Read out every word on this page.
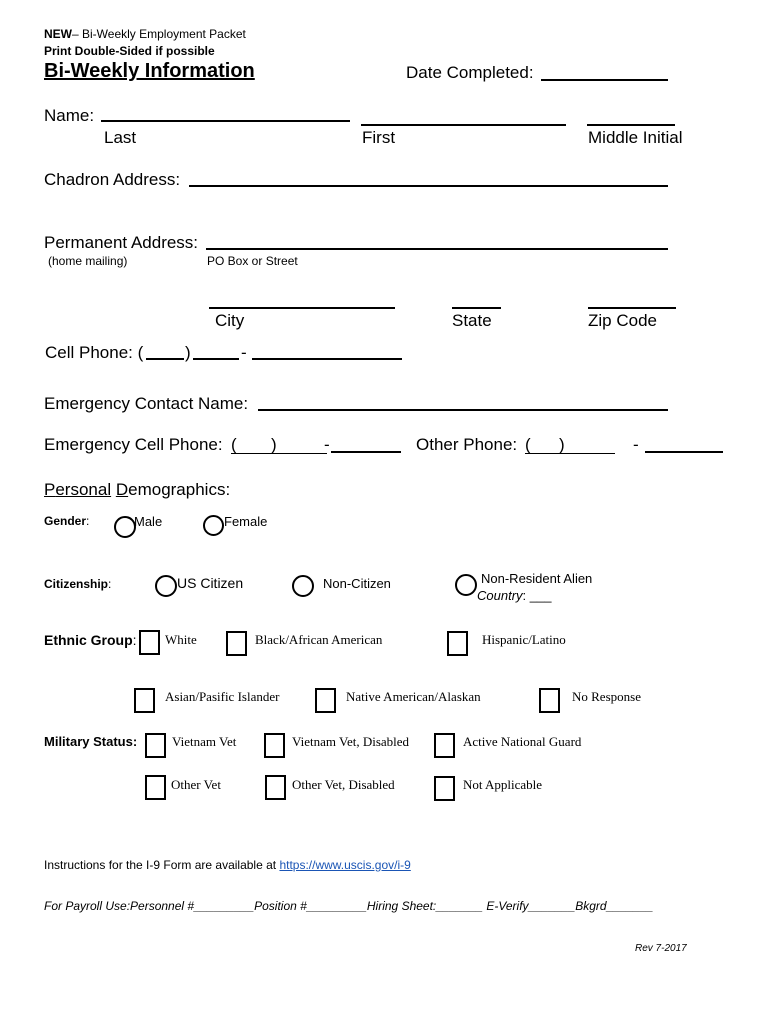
NEW– Bi-Weekly Employment Packet
Print Double-Sided if possible
Bi-Weekly Information	Date Completed:
Name:
Last	First	Middle Initial
Chadron Address:
Permanent Address:
(home mailing)	PO Box or Street
City	State	Zip Code
Cell Phone: ( )	-
Emergency Contact Name:
Emergency Cell Phone: ( )	-	Other Phone: ( )	-
Personal Demographics:
Gender:	Male	Female
Citizenship:	US Citizen	Non-Citizen	Non-Resident Alien
Country: ___
Ethnic Group: White	Black/African American	Hispanic/Latino
Asian/Pasific Islander	Native American/Alaskan	No Response
Military Status:	Vietnam Vet	Vietnam Vet, Disabled	Active National Guard
Other Vet	Other Vet, Disabled	Not Applicable
Instructions for the I-9 Form are available at https://www.uscis.gov/i-9
For Payroll Use:Personnel #_________Position #_________Hiring Sheet:_______ E-Verify_______Bkgrd_______
Rev 7-2017
